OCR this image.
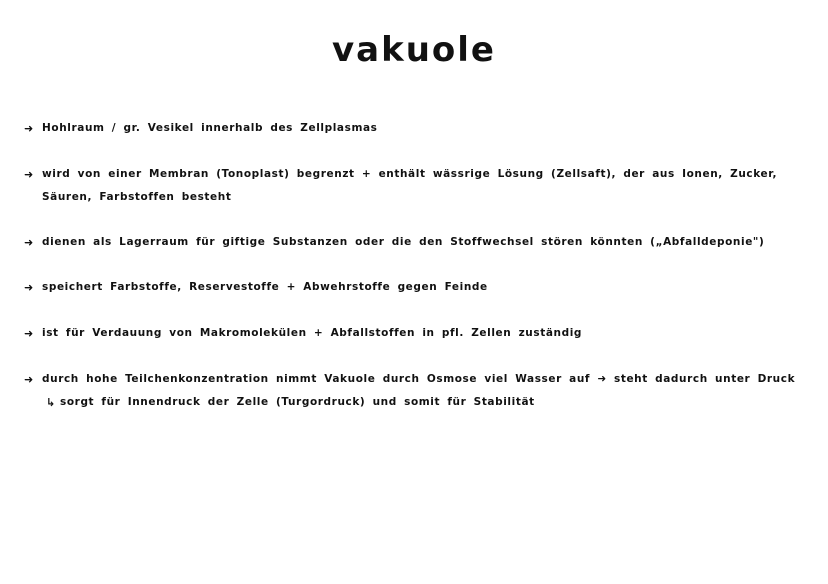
vakuole
➜ Hohlraum / gr. Vesikel innerhalb des Zellplasmas
➜ wird von einer Membran (Tonoplast) begrenzt + enthält wässrige Lösung (Zellsaft), der aus Ionen, Zucker,
Säuren, Farbstoffen besteht
➜ dienen als Lagerraum für giftige Substanzen oder die den Stoffwechsel stören könnten („Abfalldeponie")
➜ speichert Farbstoffe, Reservestoffe + Abwehrstoffe gegen Feinde
➜ ist für Verdauung von Makromolekülen + Abfallstoffen in pfl. Zellen zuständig
➜ durch hohe Teilchenkonzentration nimmt Vakuole durch Osmose viel Wasser auf ➜ steht dadurch unter Druck
↳ sorgt für Innendruck der Zelle (Turgordruck) und somit für Stabilität
